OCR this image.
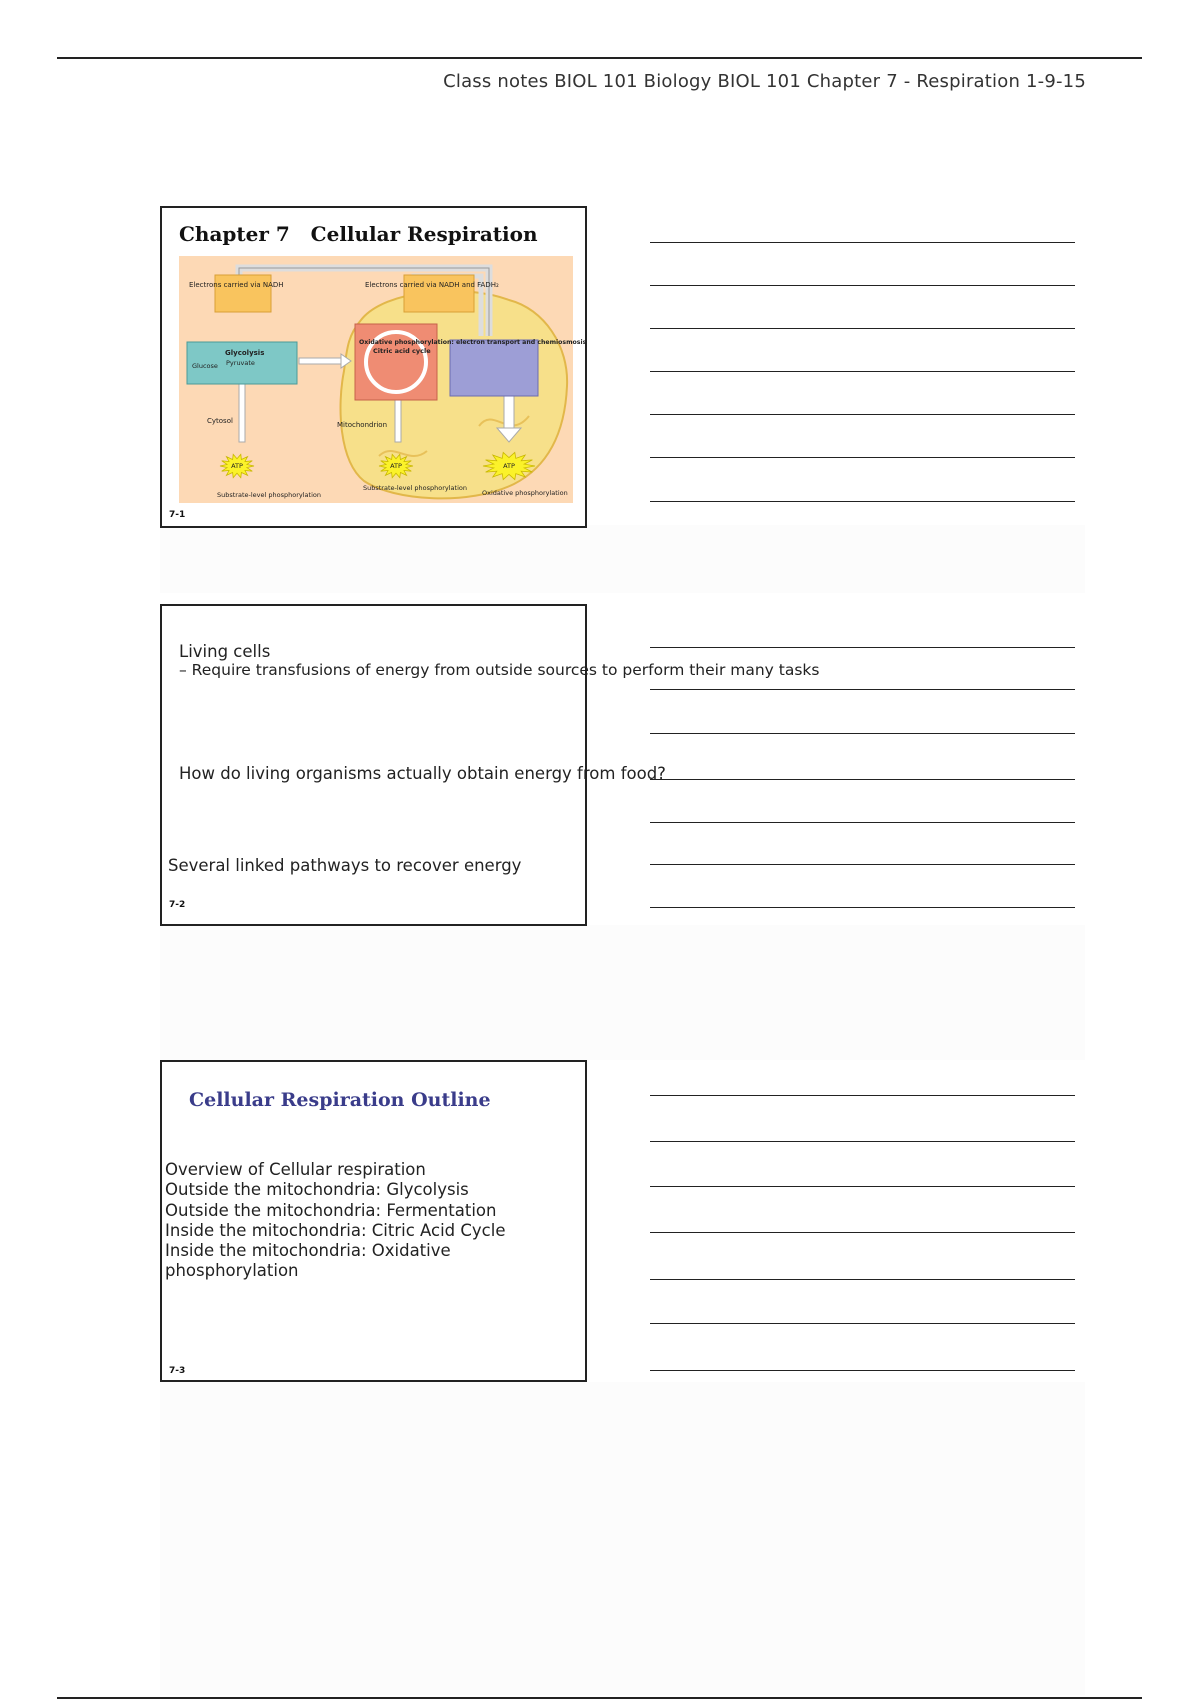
Class notes BIOL 101 Biology BIOL 101 Chapter 7 - Respiration 1-9-15
Chapter 7   Cellular Respiration
Electrons carried via NADH	Electrons carried via NADH and FADH₂
Glycolysis
Glucose Pyruvate
Citric acid cycle
Oxidative phosphorylation: electron transport and chemiosmosis
Cytosol	Mitochondrion
ATP	ATP	ATP
Substrate-level phosphorylation
Substrate-level phosphorylation
Oxidative phosphorylation
7-1
Living cells
– Require transfusions of energy from outside sources to perform their many tasks
How do living organisms actually obtain energy from food?
Several linked pathways to recover energy
7-2
Cellular Respiration Outline
Overview of Cellular respiration
Outside the mitochondria: Glycolysis
Outside the mitochondria: Fermentation
Inside the mitochondria: Citric Acid Cycle
Inside the mitochondria: Oxidative
phosphorylation
7-3
